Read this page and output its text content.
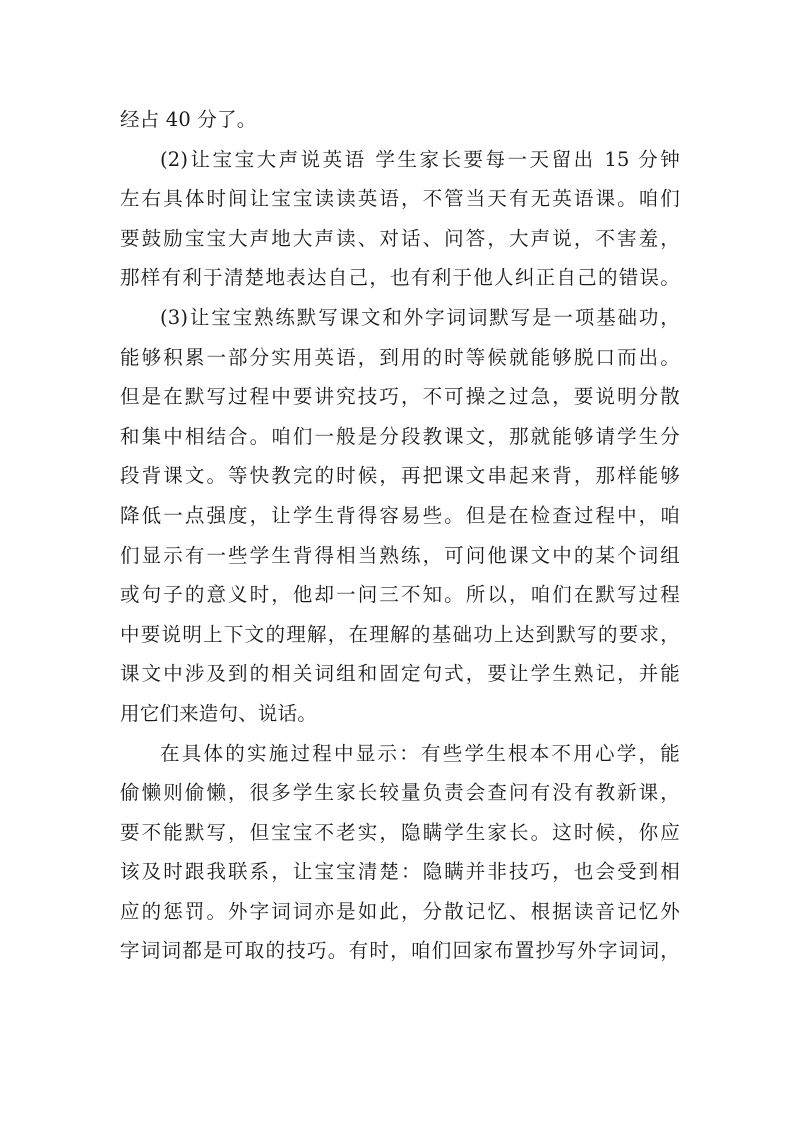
经占 40 分了。
(2)让宝宝大声说英语 学生家长要每一天留出 15 分钟
左右具体时间让宝宝读读英语，不管当天有无英语课。咱们
要鼓励宝宝大声地大声读、对话、问答，大声说，不害羞，
那样有利于清楚地表达自己，也有利于他人纠正自己的错误。
(3)让宝宝熟练默写课文和外字词词默写是一项基础功，
能够积累一部分实用英语，到用的时等候就能够脱口而出。
但是在默写过程中要讲究技巧，不可操之过急，要说明分散
和集中相结合。咱们一般是分段教课文，那就能够请学生分
段背课文。等快教完的时候，再把课文串起来背，那样能够
降低一点强度，让学生背得容易些。但是在检查过程中，咱
们显示有一些学生背得相当熟练，可问他课文中的某个词组
或句子的意义时，他却一问三不知。所以，咱们在默写过程
中要说明上下文的理解，在理解的基础功上达到默写的要求，
课文中涉及到的相关词组和固定句式，要让学生熟记，并能
用它们来造句、说话。
在具体的实施过程中显示：有些学生根本不用心学，能
偷懒则偷懒，很多学生家长较量负责会查问有没有教新课，
要不能默写，但宝宝不老实，隐瞒学生家长。这时候，你应
该及时跟我联系，让宝宝清楚：隐瞒并非技巧，也会受到相
应的惩罚。外字词词亦是如此，分散记忆、根据读音记忆外
字词词都是可取的技巧。有时，咱们回家布置抄写外字词词，
